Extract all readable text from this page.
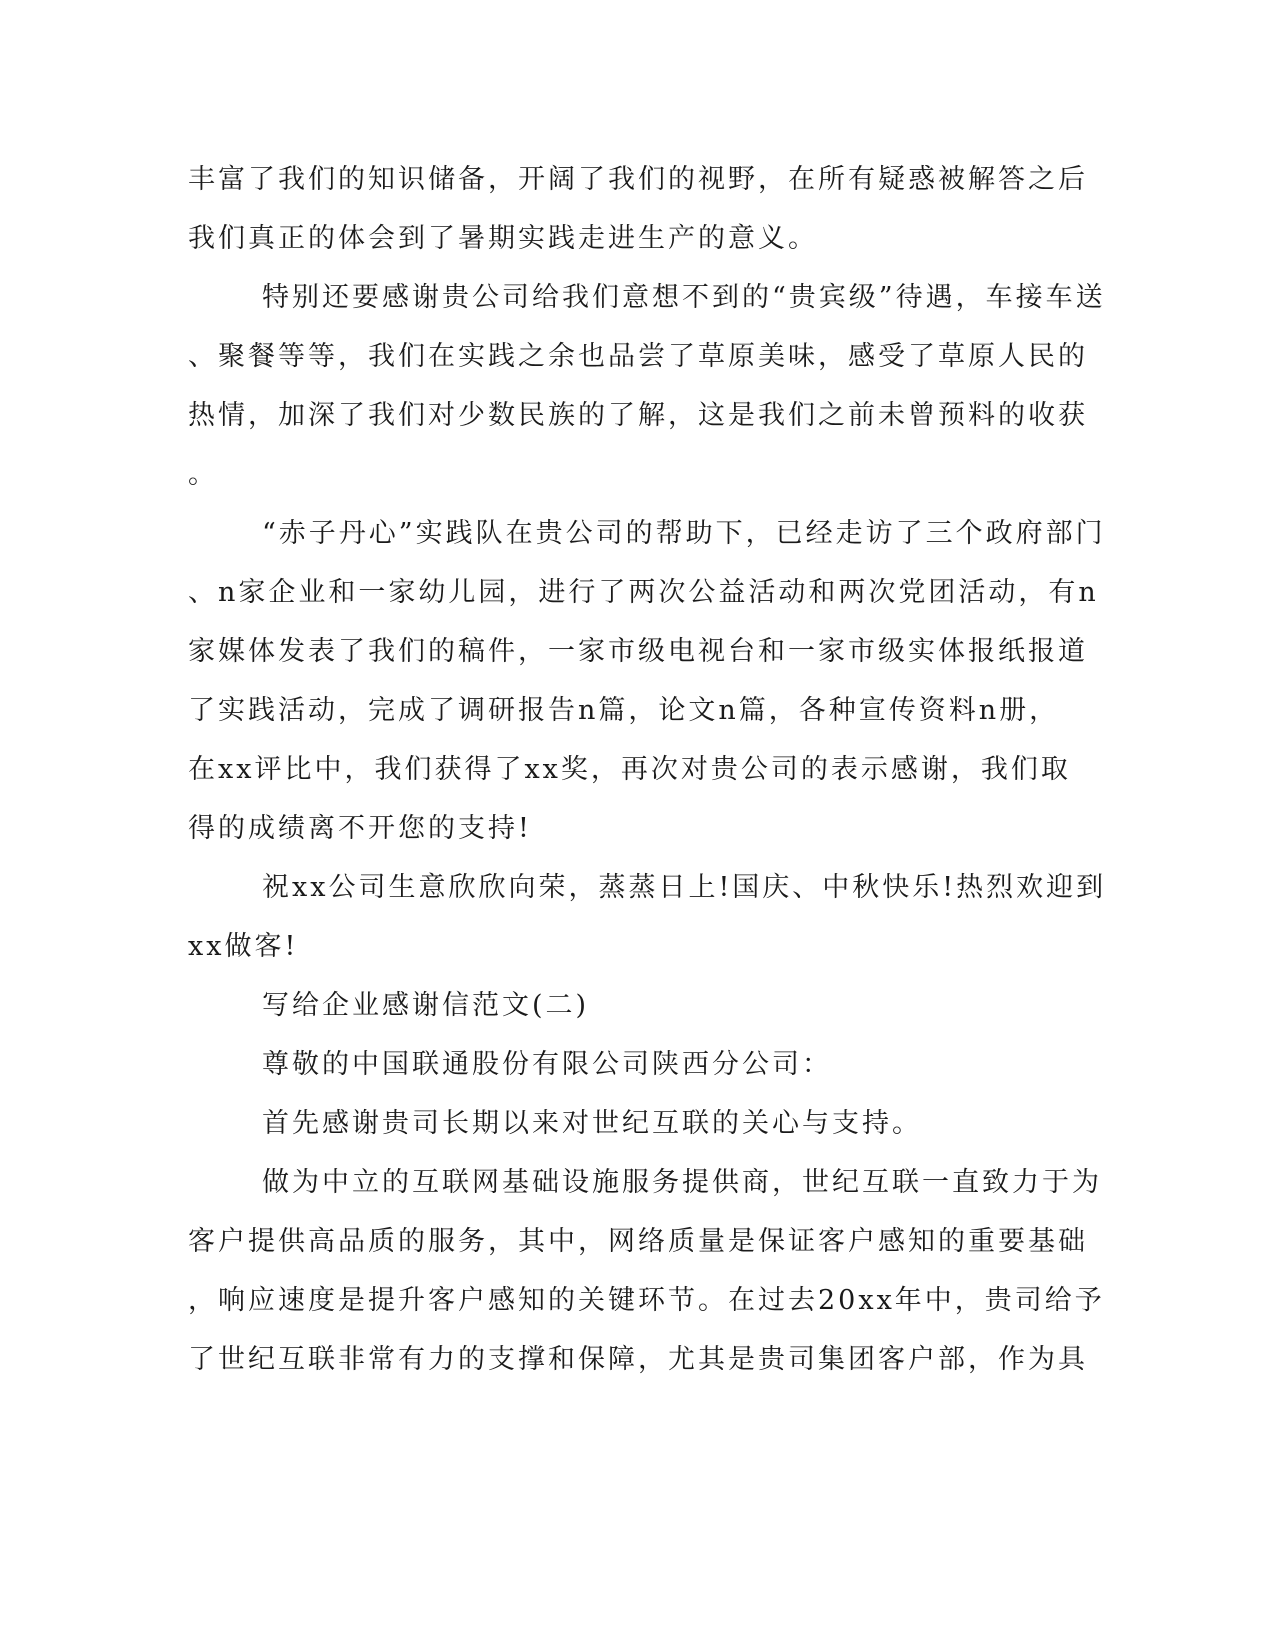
丰富了我们的知识储备，开阔了我们的视野，在所有疑惑被解答之后
我们真正的体会到了暑期实践走进生产的意义。
特别还要感谢贵公司给我们意想不到的“贵宾级”待遇，车接车送
、聚餐等等，我们在实践之余也品尝了草原美味，感受了草原人民的
热情，加深了我们对少数民族的了解，这是我们之前未曾预料的收获
。
“赤子丹心”实践队在贵公司的帮助下，已经走访了三个政府部门
、n家企业和一家幼儿园，进行了两次公益活动和两次党团活动，有n
家媒体发表了我们的稿件，一家市级电视台和一家市级实体报纸报道
了实践活动，完成了调研报告n篇，论文n篇，各种宣传资料n册，
在xx评比中，我们获得了xx奖，再次对贵公司的表示感谢，我们取
得的成绩离不开您的支持!
祝xx公司生意欣欣向荣，蒸蒸日上!国庆、中秋快乐!热烈欢迎到
xx做客!
写给企业感谢信范文(二)
尊敬的中国联通股份有限公司陕西分公司：
首先感谢贵司长期以来对世纪互联的关心与支持。
做为中立的互联网基础设施服务提供商，世纪互联一直致力于为
客户提供高品质的服务，其中，网络质量是保证客户感知的重要基础
，响应速度是提升客户感知的关键环节。在过去20xx年中，贵司给予
了世纪互联非常有力的支撑和保障，尤其是贵司集团客户部，作为具
